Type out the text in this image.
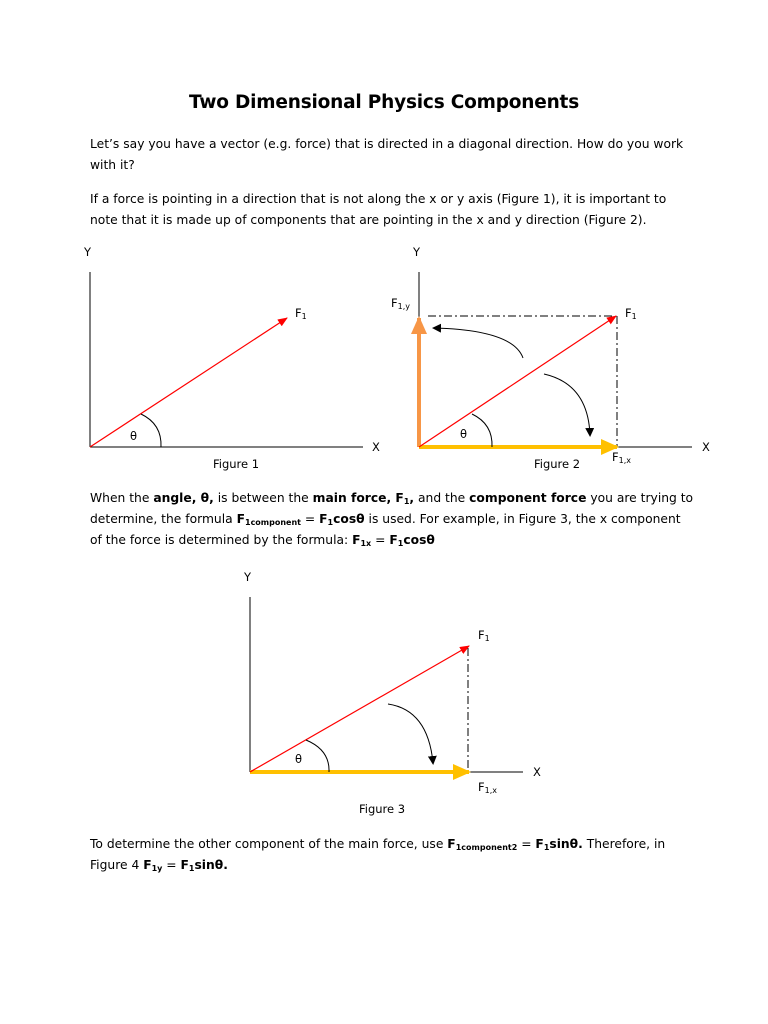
Two Dimensional Physics Components

Let’s say you have a vector (e.g. force) that is directed in a diagonal direction. How do you work
with it?

If a force is pointing in a direction that is not along the x or y axis (Figure 1), it is important to
note that it is made up of components that are pointing in the x and y direction (Figure 2).

Y
X
$F_1$
θ
Figure 1
Y
X
$F_{1,y}$	$F_1$
θ
$F_{1,x}$
Figure 2

When the angle, θ, is between the main force, $F_1$, and the component force you are trying to
determine, the formula $F_{1component} = F_1\cos\theta$ is used. For example, in Figure 3, the x component
of the force is determined by the formula: $F_{1x} = F_1\cos\theta$

Y
X
$F_1$
θ
$F_{1,x}$
Figure 3

To determine the other component of the main force, use $F_{1component2} = F_1\sin\theta$. Therefore, in
Figure 4 $F_{1y} = F_1\sin\theta$.
